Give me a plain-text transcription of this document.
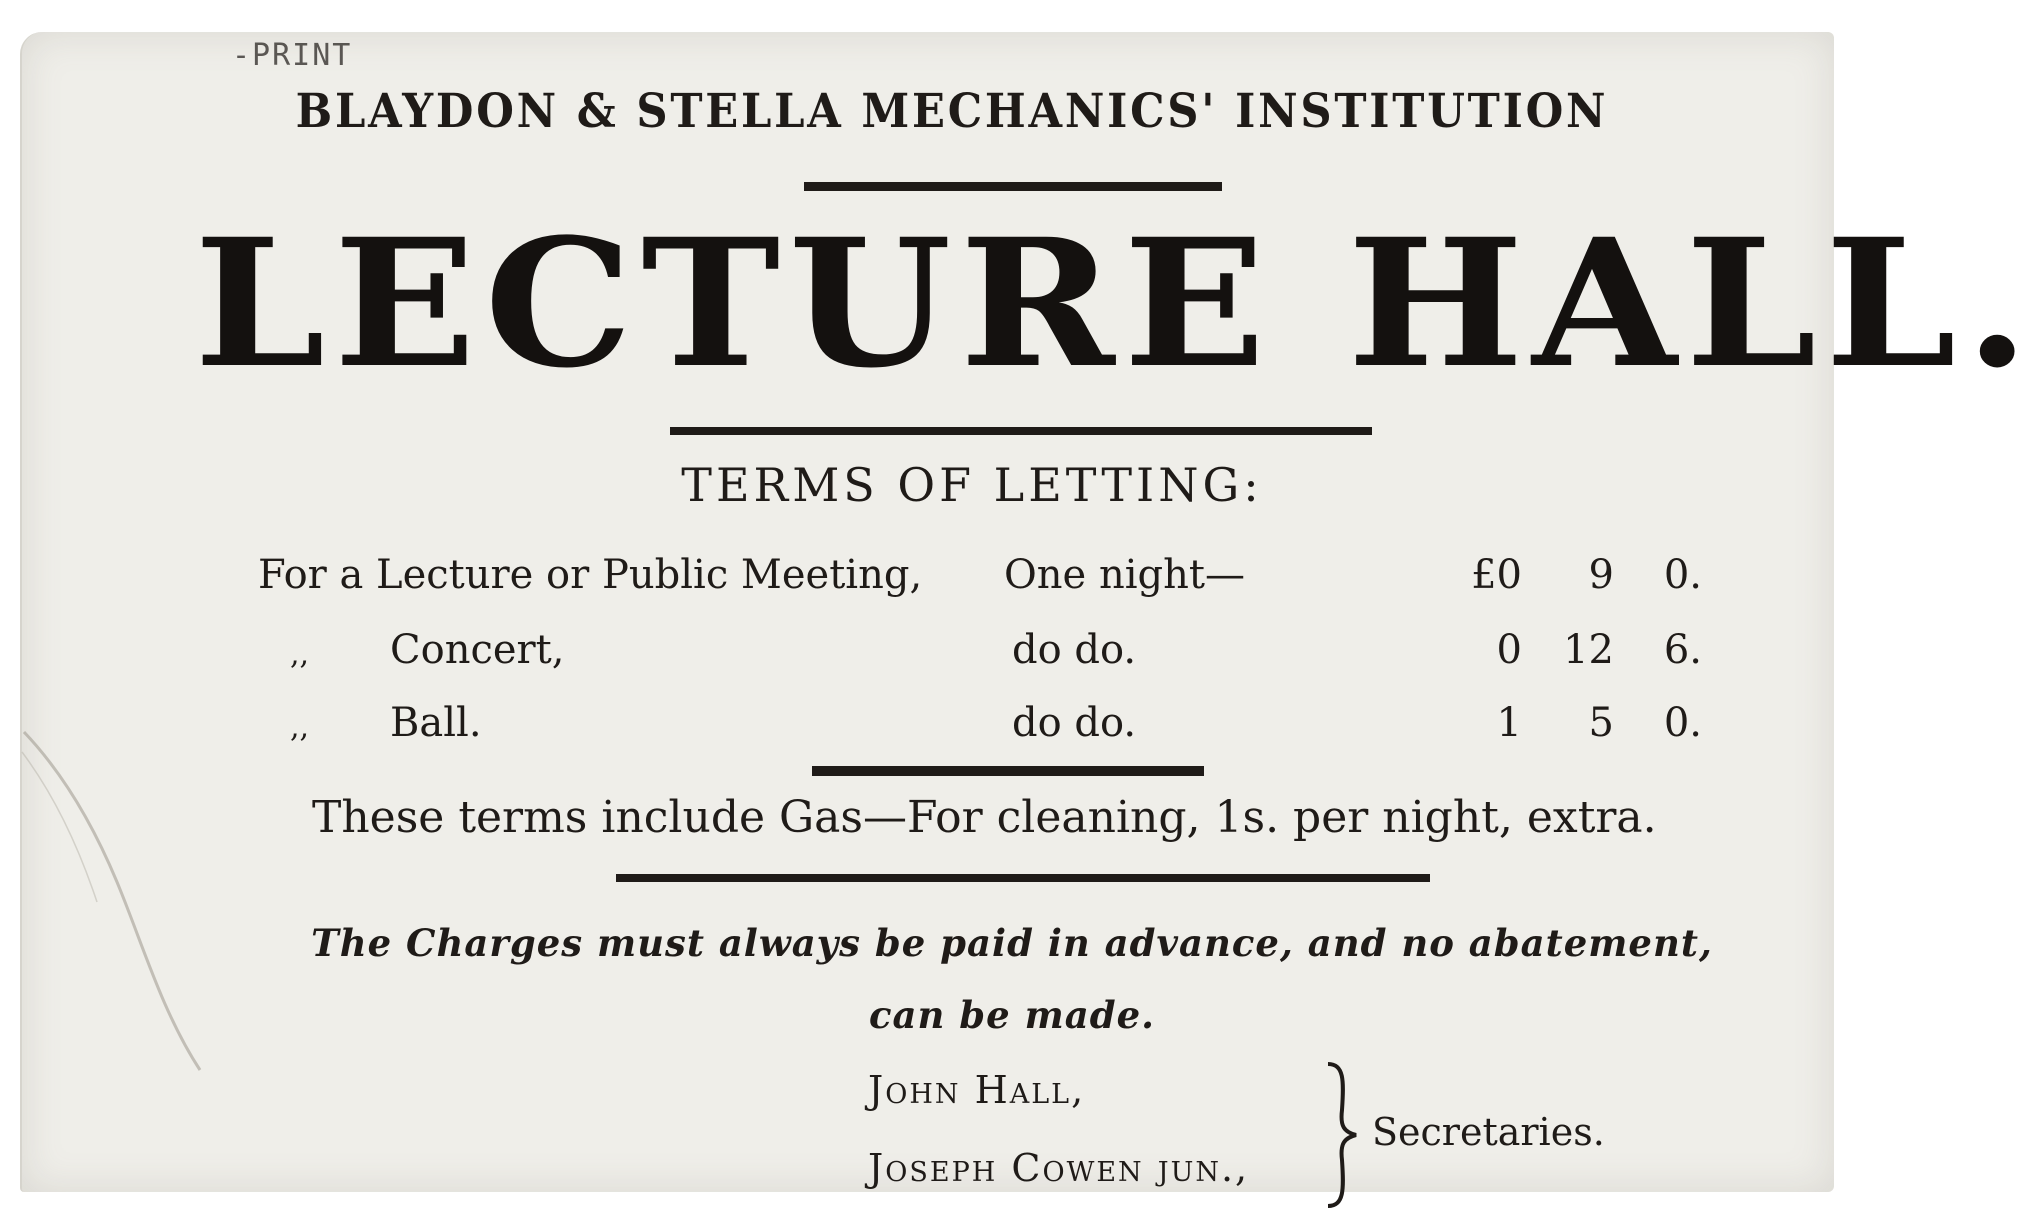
-PRINT
BLAYDON & STELLA MECHANICS' INSTITUTION
LECTURE HALL.
TERMS OF LETTING:
For a Lecture or Public Meeting, One night—	£0	9	0.
,, Concert,	do do.	0	12	6.
,, Ball.	do do.	1	5	0.
These terms include Gas—For cleaning, 1s. per night, extra.
The Charges must always be paid in advance, and no abatement,
can be made.
John Hall,
Joseph Cowen jun.,
Secretaries.
